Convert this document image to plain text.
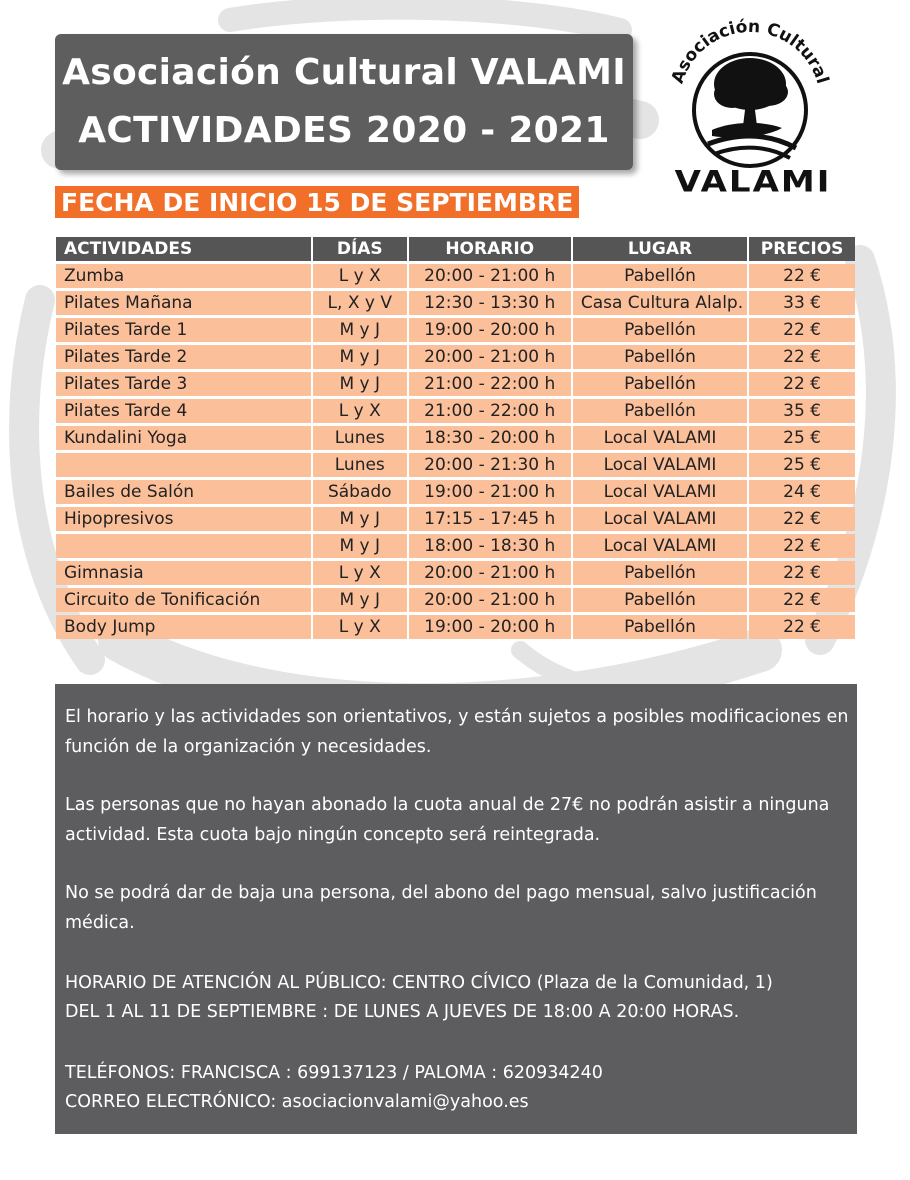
Asociación Cultural VALAMI
ACTIVIDADES 2020 - 2021
Asociación Cultural
VALAMI
FECHA DE INICIO 15 DE SEPTIEMBRE
ACTIVIDADES	DÍAS	HORARIO	LUGAR	PRECIOS
Zumba	L y X	20:00 - 21:00 h	Pabellón	22 €
Pilates Mañana	L, X y V	12:30 - 13:30 h	Casa Cultura Alalp.	33 €
Pilates Tarde 1	M y J	19:00 - 20:00 h	Pabellón	22 €
Pilates Tarde 2	M y J	20:00 - 21:00 h	Pabellón	22 €
Pilates Tarde 3	M y J	21:00 - 22:00 h	Pabellón	22 €
Pilates Tarde 4	L y X	21:00 - 22:00 h	Pabellón	35 €
Kundalini Yoga	Lunes	18:30 - 20:00 h	Local VALAMI	25 €
	Lunes	20:00 - 21:30 h	Local VALAMI	25 €
Bailes de Salón	Sábado	19:00 - 21:00 h	Local VALAMI	24 €
Hipopresivos	M y J	17:15 - 17:45 h	Local VALAMI	22 €
	M y J	18:00 - 18:30 h	Local VALAMI	22 €
Gimnasia	L y X	20:00 - 21:00 h	Pabellón	22 €
Circuito de Tonificación	M y J	20:00 - 21:00 h	Pabellón	22 €
Body Jump	L y X	19:00 - 20:00 h	Pabellón	22 €

El horario y las actividades son orientativos, y están sujetos a posibles modificaciones en función de la organización y necesidades.

Las personas que no hayan abonado la cuota anual de 27€ no podrán asistir a ninguna actividad. Esta cuota bajo ningún concepto será reintegrada.

No se podrá dar de baja una persona, del abono del pago mensual, salvo justificación médica.

HORARIO DE ATENCIÓN AL PÚBLICO: CENTRO CÍVICO (Plaza de la Comunidad, 1)

DEL 1 AL 11 DE SEPTIEMBRE : DE LUNES A JUEVES DE 18:00 A 20:00 HORAS.

TELÉFONOS: FRANCISCA : 699137123 / PALOMA : 620934240

CORREO ELECTRÓNICO: asociacionvalami@yahoo.es
